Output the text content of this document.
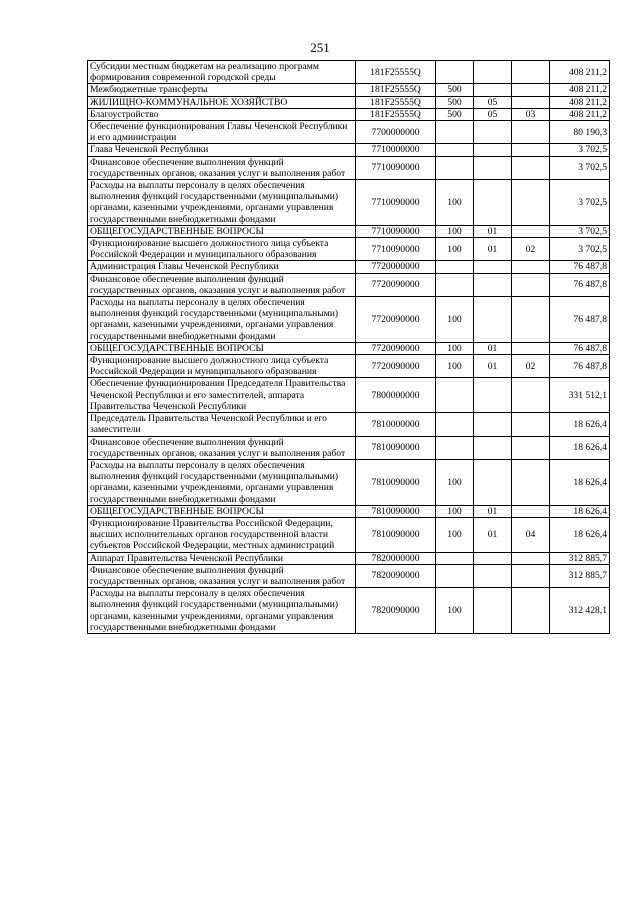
251
Субсидии местным бюджетам на реализацию программ формирования современной городской среды	181F25555Q				408 211,2
Межбюджетные трансферты	181F25555Q	500			408 211,2
ЖИЛИЩНО-КОММУНАЛЬНОЕ ХОЗЯЙСТВО	181F25555Q	500	05		408 211,2
Благоустройство	181F25555Q	500	05	03	408 211,2
Обеспечение функционирования Главы Чеченской Республики и его администрации	7700000000				80 190,3
Глава Чеченской Республики	7710000000				3 702,5
Финансовое обеспечение выполнения функций государственных органов, оказания услуг и выполнения работ	7710090000				3 702,5
Расходы на выплаты персоналу в целях обеспечения выполнения функций государственными (муниципальными) органами, казенными учреждениями, органами управления государственными внебюджетными фондами	7710090000	100			3 702,5
ОБЩЕГОСУДАРСТВЕННЫЕ ВОПРОСЫ	7710090000	100	01		3 702,5
Функционирование высшего должностного лица субъекта Российской Федерации и муниципального образования	7710090000	100	01	02	3 702,5
Администрация Главы Чеченской Республики	7720000000				76 487,8
Финансовое обеспечение выполнения функций государственных органов, оказания услуг и выполнения работ	7720090000				76 487,8
Расходы на выплаты персоналу в целях обеспечения выполнения функций государственными (муниципальными) органами, казенными учреждениями, органами управления государственными внебюджетными фондами	7720090000	100			76 487,8
ОБЩЕГОСУДАРСТВЕННЫЕ ВОПРОСЫ	7720090000	100	01		76 487,8
Функционирование высшего должностного лица субъекта Российской Федерации и муниципального образования	7720090000	100	01	02	76 487,8
Обеспечение функционирования Председателя Правительства Чеченской Республики и его заместителей, аппарата Правительства Чеченской Республики	7800000000				331 512,1
Председатель Правительства Чеченской Республики и его заместители	7810000000				18 626,4
Финансовое обеспечение выполнения функций государственных органов, оказания услуг и выполнения работ	7810090000				18 626,4
Расходы на выплаты персоналу в целях обеспечения выполнения функций государственными (муниципальными) органами, казенными учреждениями, органами управления государственными внебюджетными фондами	7810090000	100			18 626,4
ОБЩЕГОСУДАРСТВЕННЫЕ ВОПРОСЫ	7810090000	100	01		18 626,4
Функционирование Правительства Российской Федерации, высших исполнительных органов государственной власти субъектов Российской Федерации, местных администраций	7810090000	100	01	04	18 626,4
Аппарат Правительства Чеченской Республики	7820000000				312 885,7
Финансовое обеспечение выполнения функций государственных органов, оказания услуг и выполнения работ	7820090000				312 885,7
Расходы на выплаты персоналу в целях обеспечения выполнения функций государственными (муниципальными) органами, казенными учреждениями, органами управления государственными внебюджетными фондами	7820090000	100			312 428,1
